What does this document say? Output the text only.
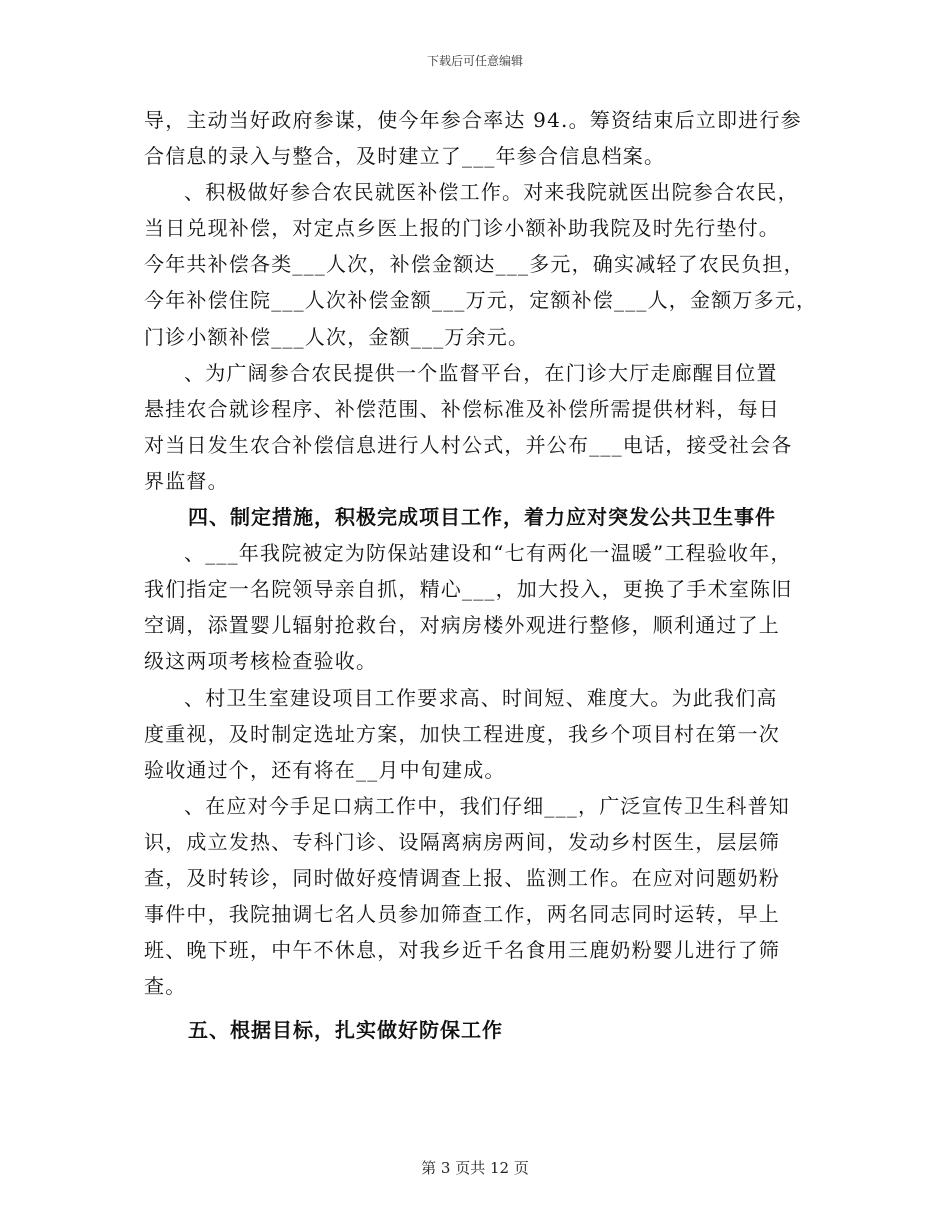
下载后可任意编辑
导，主动当好政府参谋，使今年参合率达 94.。筹资结束后立即进行参
合信息的录入与整合，及时建立了___年参合信息档案。
、积极做好参合农民就医补偿工作。对来我院就医出院参合农民，
当日兑现补偿，对定点乡医上报的门诊小额补助我院及时先行垫付。
今年共补偿各类___人次，补偿金额达___多元，确实减轻了农民负担，
今年补偿住院___人次补偿金额___万元，定额补偿___人，金额万多元，
门诊小额补偿___人次，金额___万余元。
、为广阔参合农民提供一个监督平台，在门诊大厅走廊醒目位置
悬挂农合就诊程序、补偿范围、补偿标准及补偿所需提供材料，每日
对当日发生农合补偿信息进行人村公式，并公布___电话，接受社会各
界监督。
四、制定措施，积极完成项目工作，着力应对突发公共卫生事件
、___年我院被定为防保站建设和“七有两化一温暖”工程验收年，
我们指定一名院领导亲自抓，精心___，加大投入，更换了手术室陈旧
空调，添置婴儿辐射抢救台，对病房楼外观进行整修，顺利通过了上
级这两项考核检查验收。
、村卫生室建设项目工作要求高、时间短、难度大。为此我们高
度重视，及时制定选址方案，加快工程进度，我乡个项目村在第一次
验收通过个，还有将在__月中旬建成。
、在应对今手足口病工作中，我们仔细___，广泛宣传卫生科普知
识，成立发热、专科门诊、设隔离病房两间，发动乡村医生，层层筛
查，及时转诊，同时做好疫情调查上报、监测工作。在应对问题奶粉
事件中，我院抽调七名人员参加筛查工作，两名同志同时运转，早上
班、晚下班，中午不休息，对我乡近千名食用三鹿奶粉婴儿进行了筛
查。
五、根据目标，扎实做好防保工作
第 3 页共 12 页
